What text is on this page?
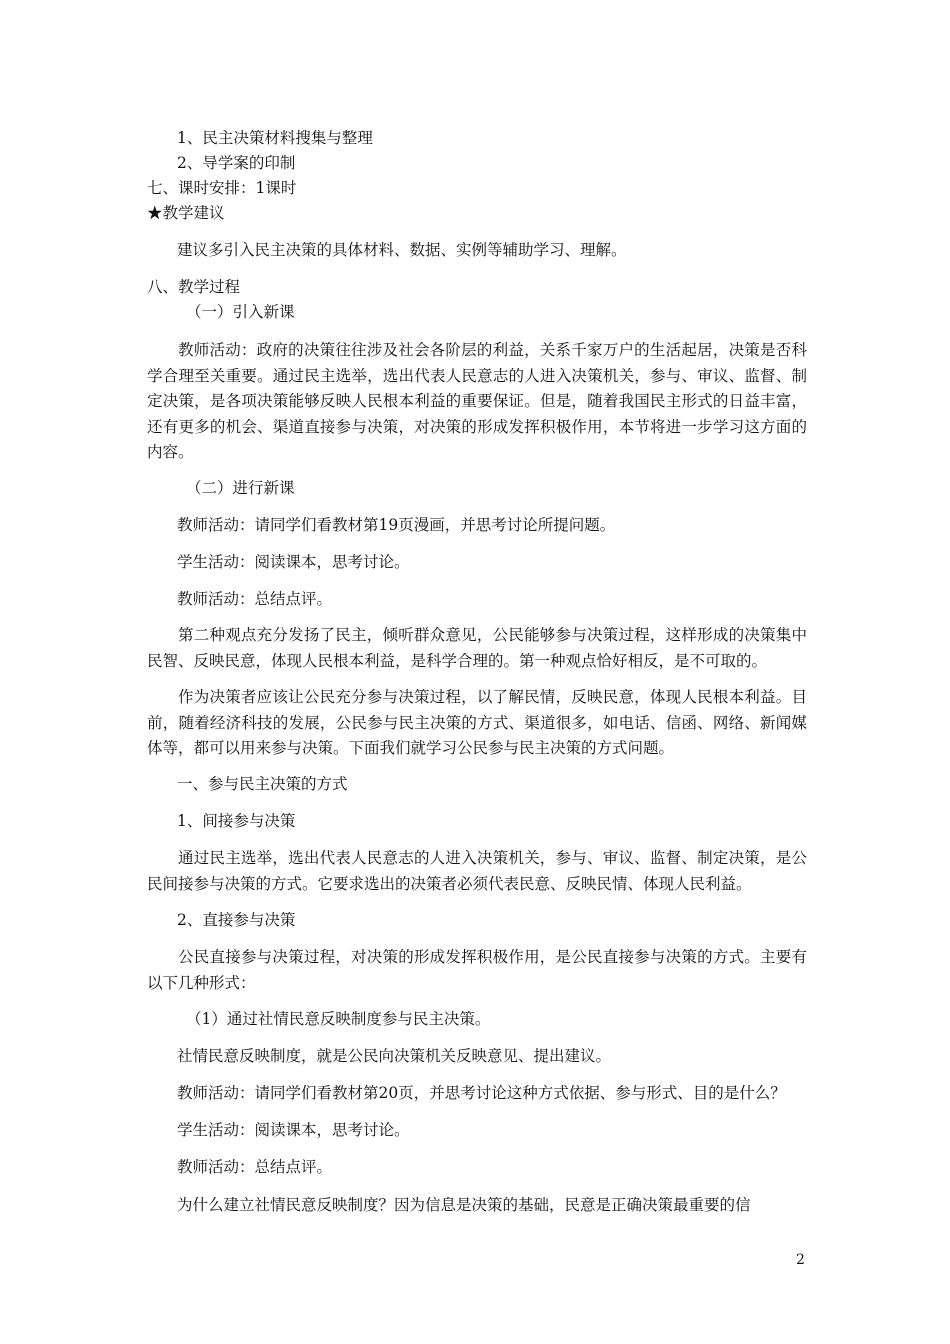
1、民主决策材料搜集与整理
2、导学案的印制
七、课时安排：1课时
★教学建议
建议多引入民主决策的具体材料、数据、实例等辅助学习、理解。
八、教学过程
（一）引入新课
教师活动：政府的决策往往涉及社会各阶层的利益，关系千家万户的生活起居，决策是否科学合理至关重要。通过民主选举，选出代表人民意志的人进入决策机关，参与、审议、监督、制定决策，是各项决策能够反映人民根本利益的重要保证。但是，随着我国民主形式的日益丰富，还有更多的机会、渠道直接参与决策，对决策的形成发挥积极作用，本节将进一步学习这方面的内容。
（二）进行新课
教师活动：请同学们看教材第19页漫画，并思考讨论所提问题。
学生活动：阅读课本，思考讨论。
教师活动：总结点评。
第二种观点充分发扬了民主，倾听群众意见，公民能够参与决策过程，这样形成的决策集中民智、反映民意，体现人民根本利益，是科学合理的。第一种观点恰好相反，是不可取的。
作为决策者应该让公民充分参与决策过程，以了解民情，反映民意，体现人民根本利益。目前，随着经济科技的发展，公民参与民主决策的方式、渠道很多，如电话、信函、网络、新闻媒体等，都可以用来参与决策。下面我们就学习公民参与民主决策的方式问题。
一、参与民主决策的方式
1、间接参与决策
通过民主选举，选出代表人民意志的人进入决策机关，参与、审议、监督、制定决策，是公民间接参与决策的方式。它要求选出的决策者必须代表民意、反映民情、体现人民利益。
2、直接参与决策
公民直接参与决策过程，对决策的形成发挥积极作用，是公民直接参与决策的方式。主要有以下几种形式：
（1）通过社情民意反映制度参与民主决策。
社情民意反映制度，就是公民向决策机关反映意见、提出建议。
教师活动：请同学们看教材第20页，并思考讨论这种方式依据、参与形式、目的是什么？
学生活动：阅读课本，思考讨论。
教师活动：总结点评。
为什么建立社情民意反映制度？因为信息是决策的基础，民意是正确决策最重要的信
2
